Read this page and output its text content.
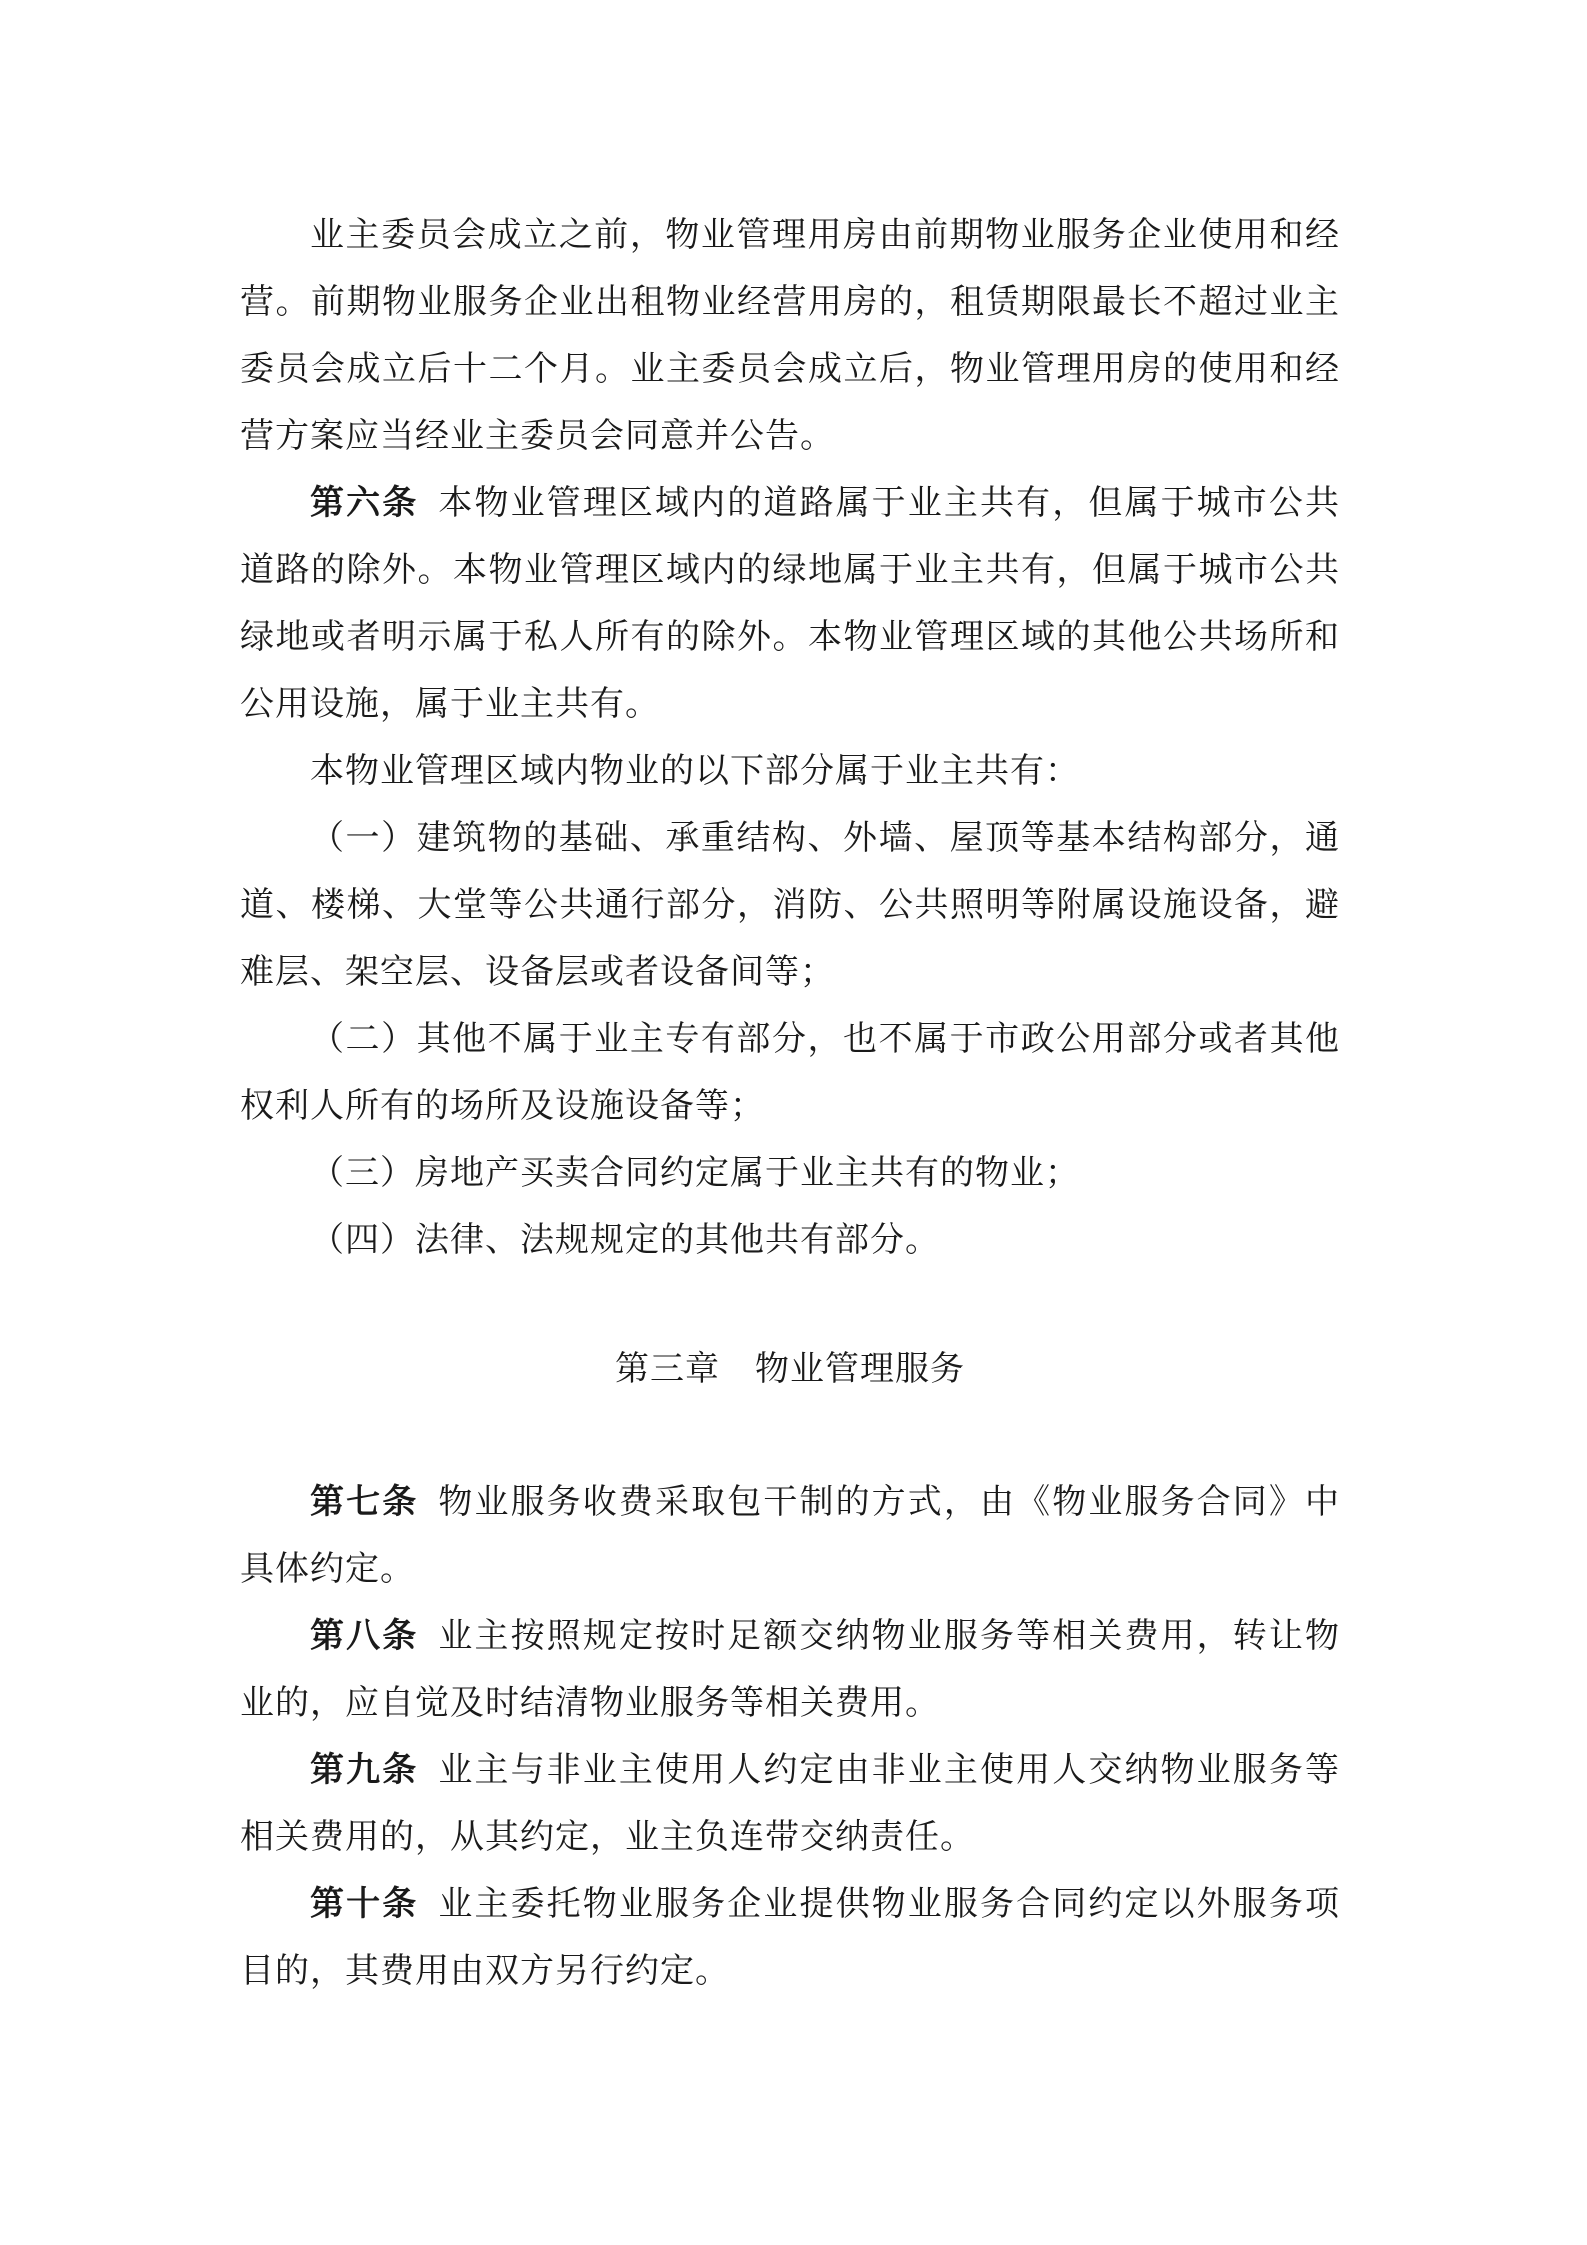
业主委员会成立之前，物业管理用房由前期物业服务企业使用和经营。前期物业服务企业出租物业经营用房的，租赁期限最长不超过业主委员会成立后十二个月。业主委员会成立后，物业管理用房的使用和经营方案应当经业主委员会同意并公告。

第六条 本物业管理区域内的道路属于业主共有，但属于城市公共道路的除外。本物业管理区域内的绿地属于业主共有，但属于城市公共绿地或者明示属于私人所有的除外。本物业管理区域的其他公共场所和公用设施，属于业主共有。

本物业管理区域内物业的以下部分属于业主共有：

（一）建筑物的基础、承重结构、外墙、屋顶等基本结构部分，通道、楼梯、大堂等公共通行部分，消防、公共照明等附属设施设备，避难层、架空层、设备层或者设备间等；

（二）其他不属于业主专有部分，也不属于市政公用部分或者其他权利人所有的场所及设施设备等；

（三）房地产买卖合同约定属于业主共有的物业；

（四）法律、法规规定的其他共有部分。

第三章　物业管理服务

第七条 物业服务收费采取包干制的方式，由《物业服务合同》中具体约定。

第八条 业主按照规定按时足额交纳物业服务等相关费用，转让物业的，应自觉及时结清物业服务等相关费用。

第九条 业主与非业主使用人约定由非业主使用人交纳物业服务等相关费用的，从其约定，业主负连带交纳责任。

第十条 业主委托物业服务企业提供物业服务合同约定以外服务项目的，其费用由双方另行约定。
